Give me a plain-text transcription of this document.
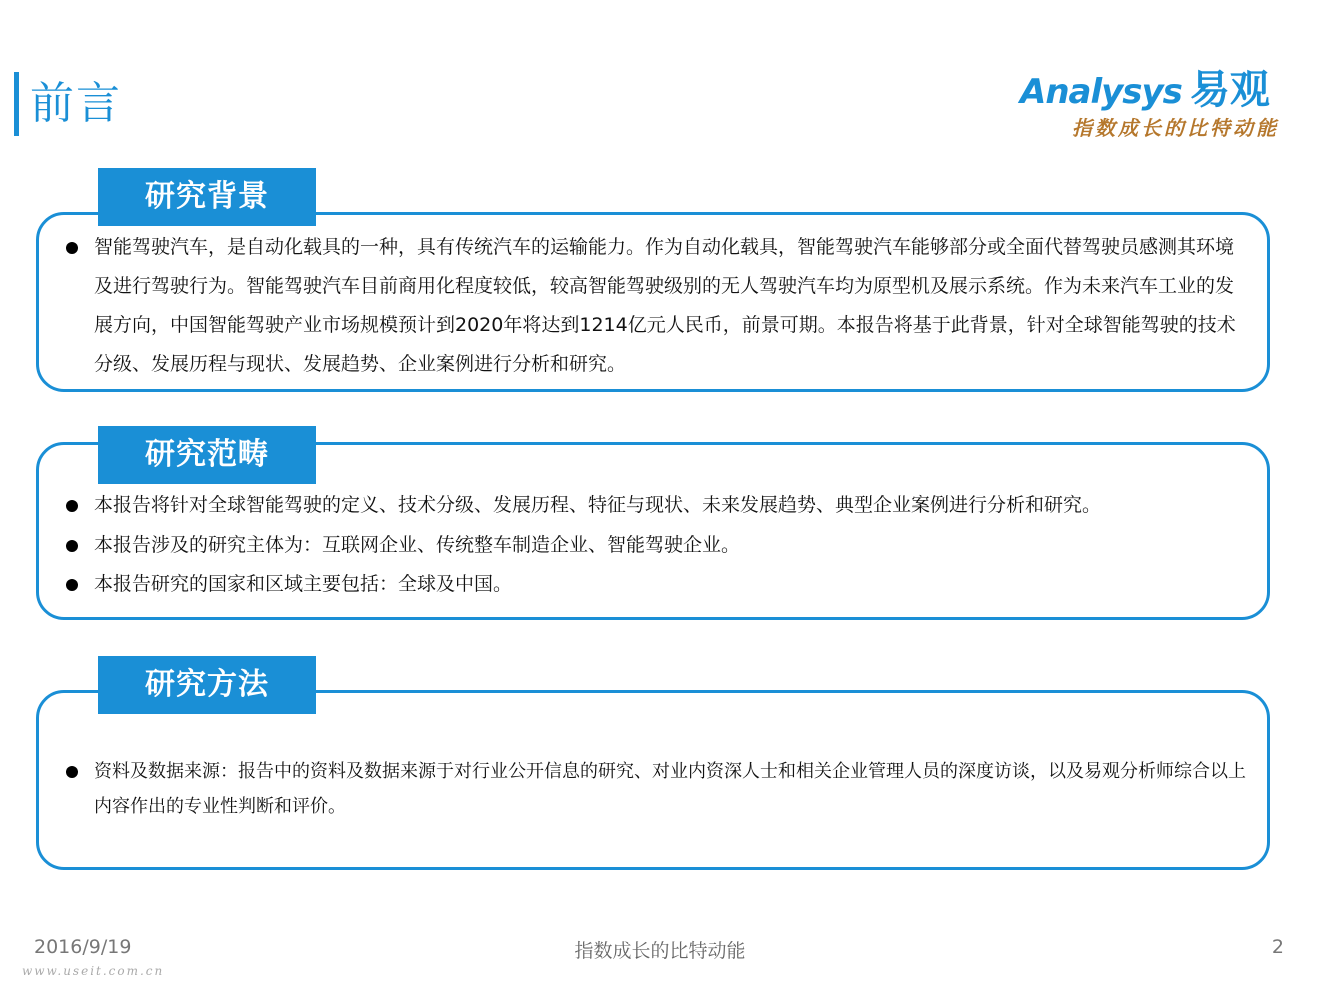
前言	Analysys 易观
指数成长的比特动能
研究背景
智能驾驶汽车，是自动化载具的一种，具有传统汽车的运输能力。作为自动化载具，智能驾驶汽车能够部分或全面代替驾驶员感测其环境及进行驾驶行为。智能驾驶汽车目前商用化程度较低，较高智能驾驶级别的无人驾驶汽车均为原型机及展示系统。作为未来汽车工业的发展方向，中国智能驾驶产业市场规模预计到2020年将达到1214亿元人民币，前景可期。本报告将基于此背景，针对全球智能驾驶的技术分级、发展历程与现状、发展趋势、企业案例进行分析和研究。
研究范畴
本报告将针对全球智能驾驶的定义、技术分级、发展历程、特征与现状、未来发展趋势、典型企业案例进行分析和研究。
本报告涉及的研究主体为：互联网企业、传统整车制造企业、智能驾驶企业。
本报告研究的国家和区域主要包括：全球及中国。
研究方法
资料及数据来源：报告中的资料及数据来源于对行业公开信息的研究、对业内资深人士和相关企业管理人员的深度访谈，以及易观分析师综合以上内容作出的专业性判断和评价。
2016/9/19	指数成长的比特动能	2
www.useit.com.cn
